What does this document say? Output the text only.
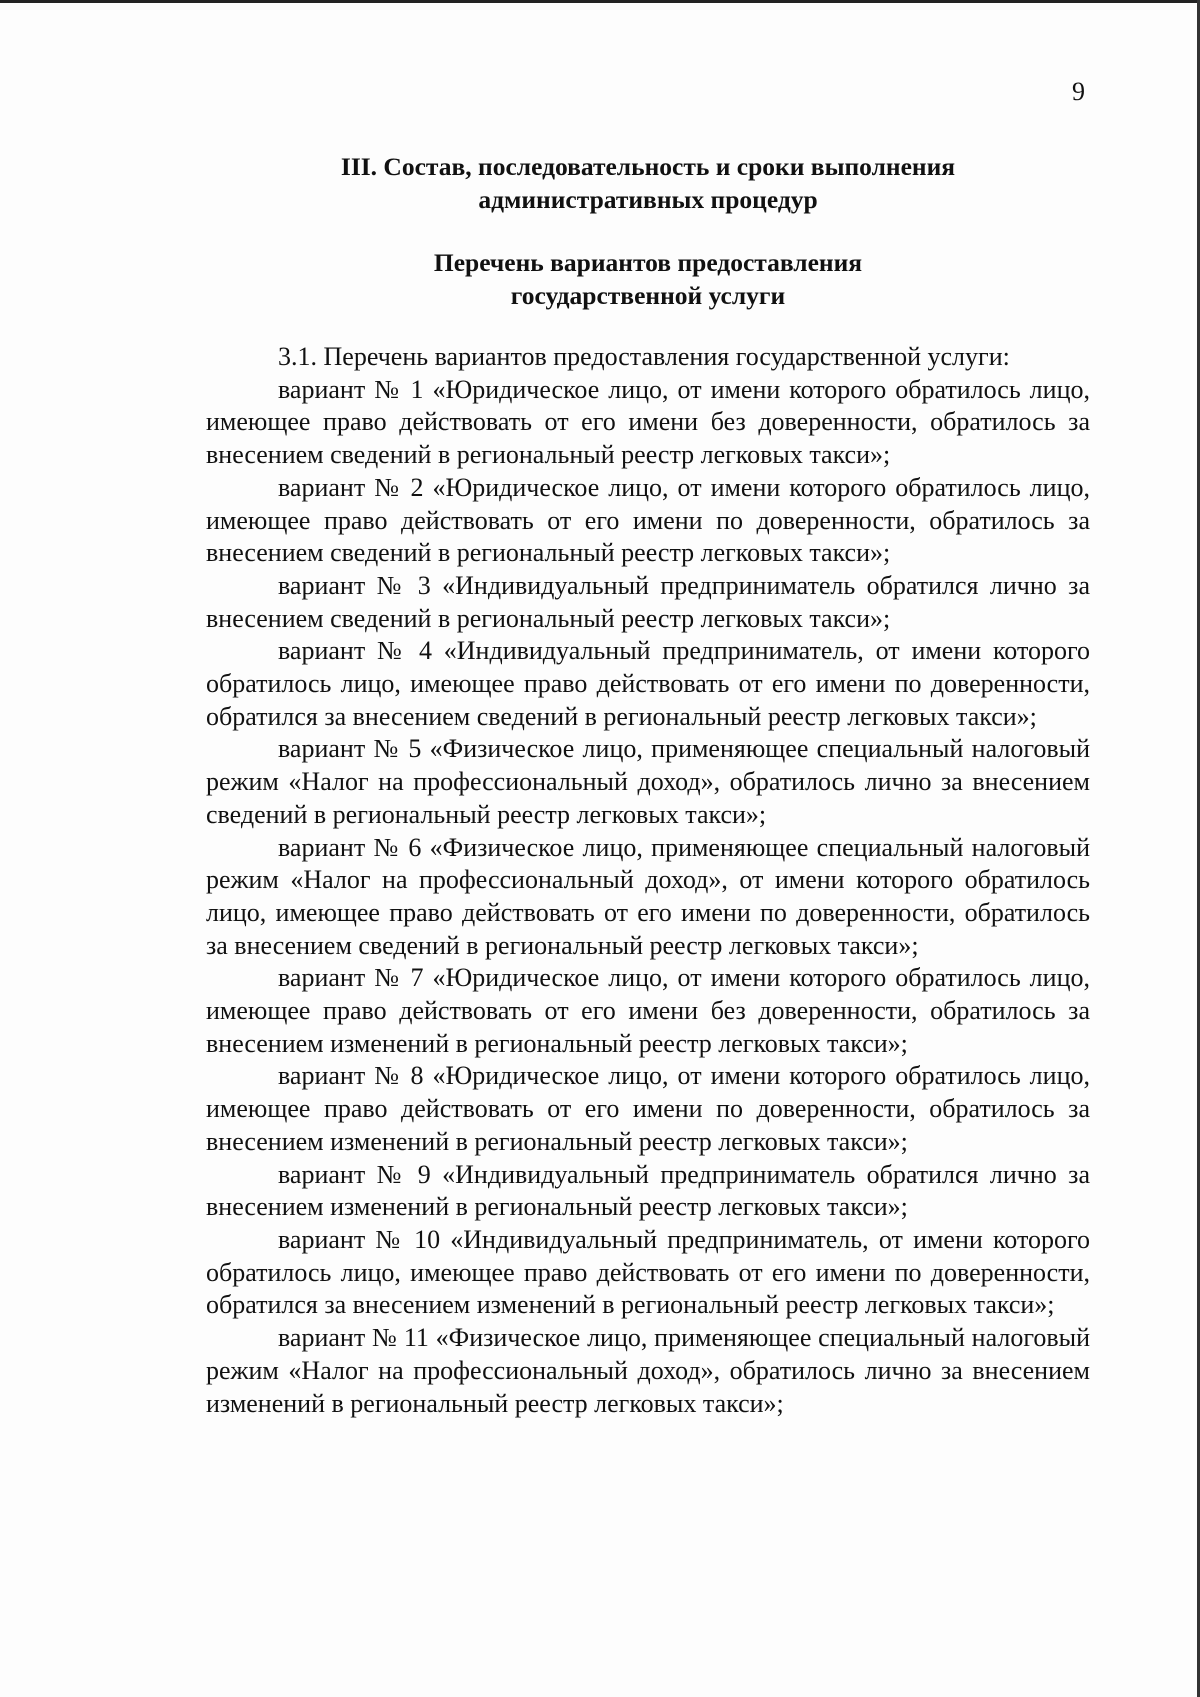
9
III. Состав, последовательность и сроки выполнения
административных процедур
Перечень вариантов предоставления
государственной услуги

3.1. Перечень вариантов предоставления государственной услуги:

вариант № 1 «Юридическое лицо, от имени которого обратилось лицо, имеющее право действовать от его имени без доверенности, обратилось за внесением сведений в региональный реестр легковых такси»;

вариант № 2 «Юридическое лицо, от имени которого обратилось лицо, имеющее право действовать от его имени по доверенности, обратилось за внесением сведений в региональный реестр легковых такси»;

вариант № 3 «Индивидуальный предприниматель обратился лично за внесением сведений в региональный реестр легковых такси»;

вариант № 4 «Индивидуальный предприниматель, от имени которого обратилось лицо, имеющее право действовать от его имени по доверенности, обратился за внесением сведений в региональный реестр легковых такси»;

вариант № 5 «Физическое лицо, применяющее специальный налоговый режим «Налог на профессиональный доход», обратилось лично за внесением сведений в региональный реестр легковых такси»;

вариант № 6 «Физическое лицо, применяющее специальный налоговый режим «Налог на профессиональный доход», от имени которого обратилось лицо, имеющее право действовать от его имени по доверенности, обратилось за внесением сведений в региональный реестр легковых такси»;

вариант № 7 «Юридическое лицо, от имени которого обратилось лицо, имеющее право действовать от его имени без доверенности, обратилось за внесением изменений в региональный реестр легковых такси»;

вариант № 8 «Юридическое лицо, от имени которого обратилось лицо, имеющее право действовать от его имени по доверенности, обратилось за внесением изменений в региональный реестр легковых такси»;

вариант № 9 «Индивидуальный предприниматель обратился лично за внесением изменений в региональный реестр легковых такси»;

вариант № 10 «Индивидуальный предприниматель, от имени которого обратилось лицо, имеющее право действовать от его имени по доверенности, обратился за внесением изменений в региональный реестр легковых такси»;

вариант № 11 «Физическое лицо, применяющее специальный налоговый режим «Налог на профессиональный доход», обратилось лично за внесением изменений в региональный реестр легковых такси»;
